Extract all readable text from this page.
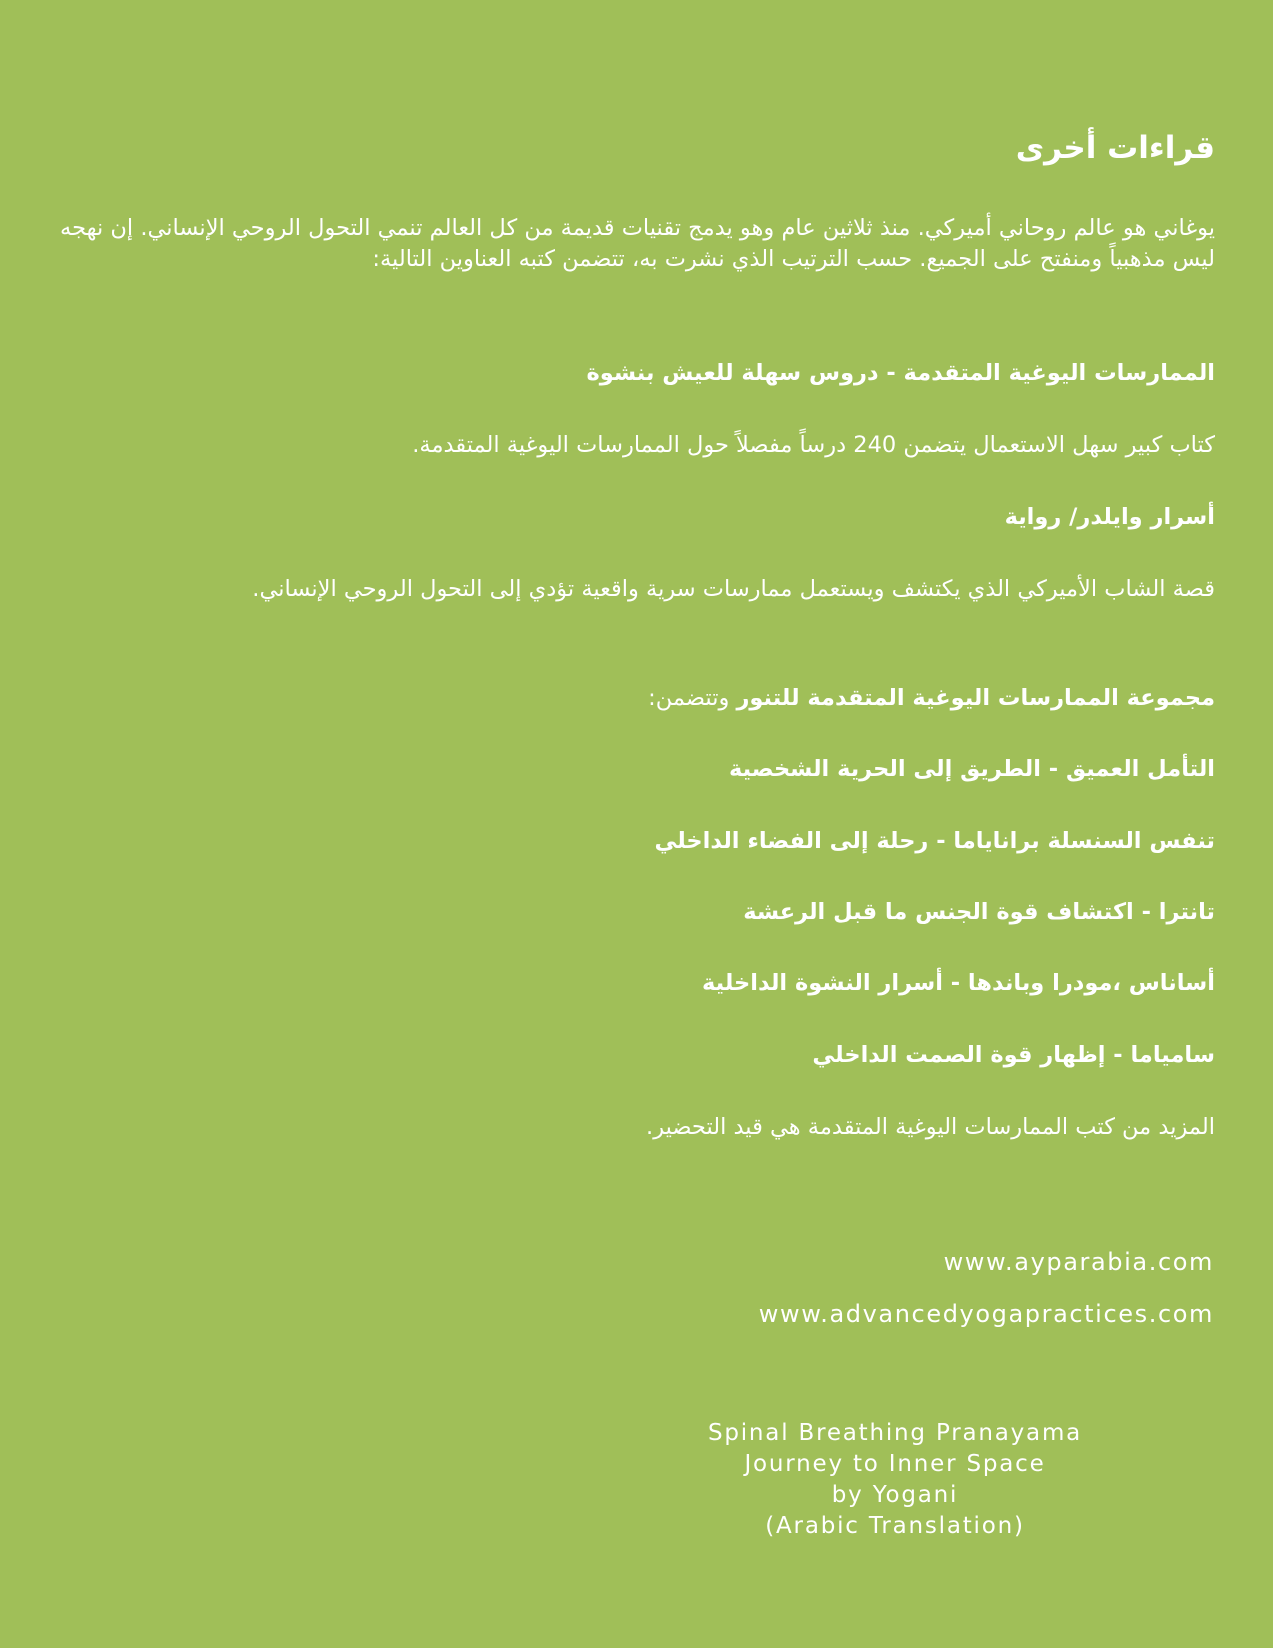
قراءات أخرى

يوغاني هو عالم روحاني أميركي. منذ ثلاثين عام وهو يدمج تقنيات قديمة من كل العالم تنمي التحول الروحي الإنساني. إن نهجه ليس مذهبياً ومنفتح على الجميع. حسب الترتيب الذي نشرت به، تتضمن كتبه العناوين التالية:

الممارسات اليوغية المتقدمة - دروس سهلة للعيش بنشوة

كتاب كبير سهل الاستعمال يتضمن 240 درساً مفصلاً حول الممارسات اليوغية المتقدمة.

أسرار وايلدر/ رواية

قصة الشاب الأميركي الذي يكتشف ويستعمل ممارسات سرية واقعية تؤدي إلى التحول الروحي الإنساني.

مجموعة الممارسات اليوغية المتقدمة للتنور وتتضمن:

التأمل العميق - الطريق إلى الحرية الشخصية

تنفس السنسلة براناياما - رحلة إلى الفضاء الداخلي

تانترا - اكتشاف قوة الجنس ما قبل الرعشة

أساناس ،مودرا وباندها - أسرار النشوة الداخلية

سامياما - إظهار قوة الصمت الداخلي

المزيد من كتب الممارسات اليوغية المتقدمة هي قيد التحضير.

www.ayparabia.com
www.advancedyogapractices.com
Spinal Breathing Pranayama
Journey to Inner Space
by Yogani
(Arabic Translation)
